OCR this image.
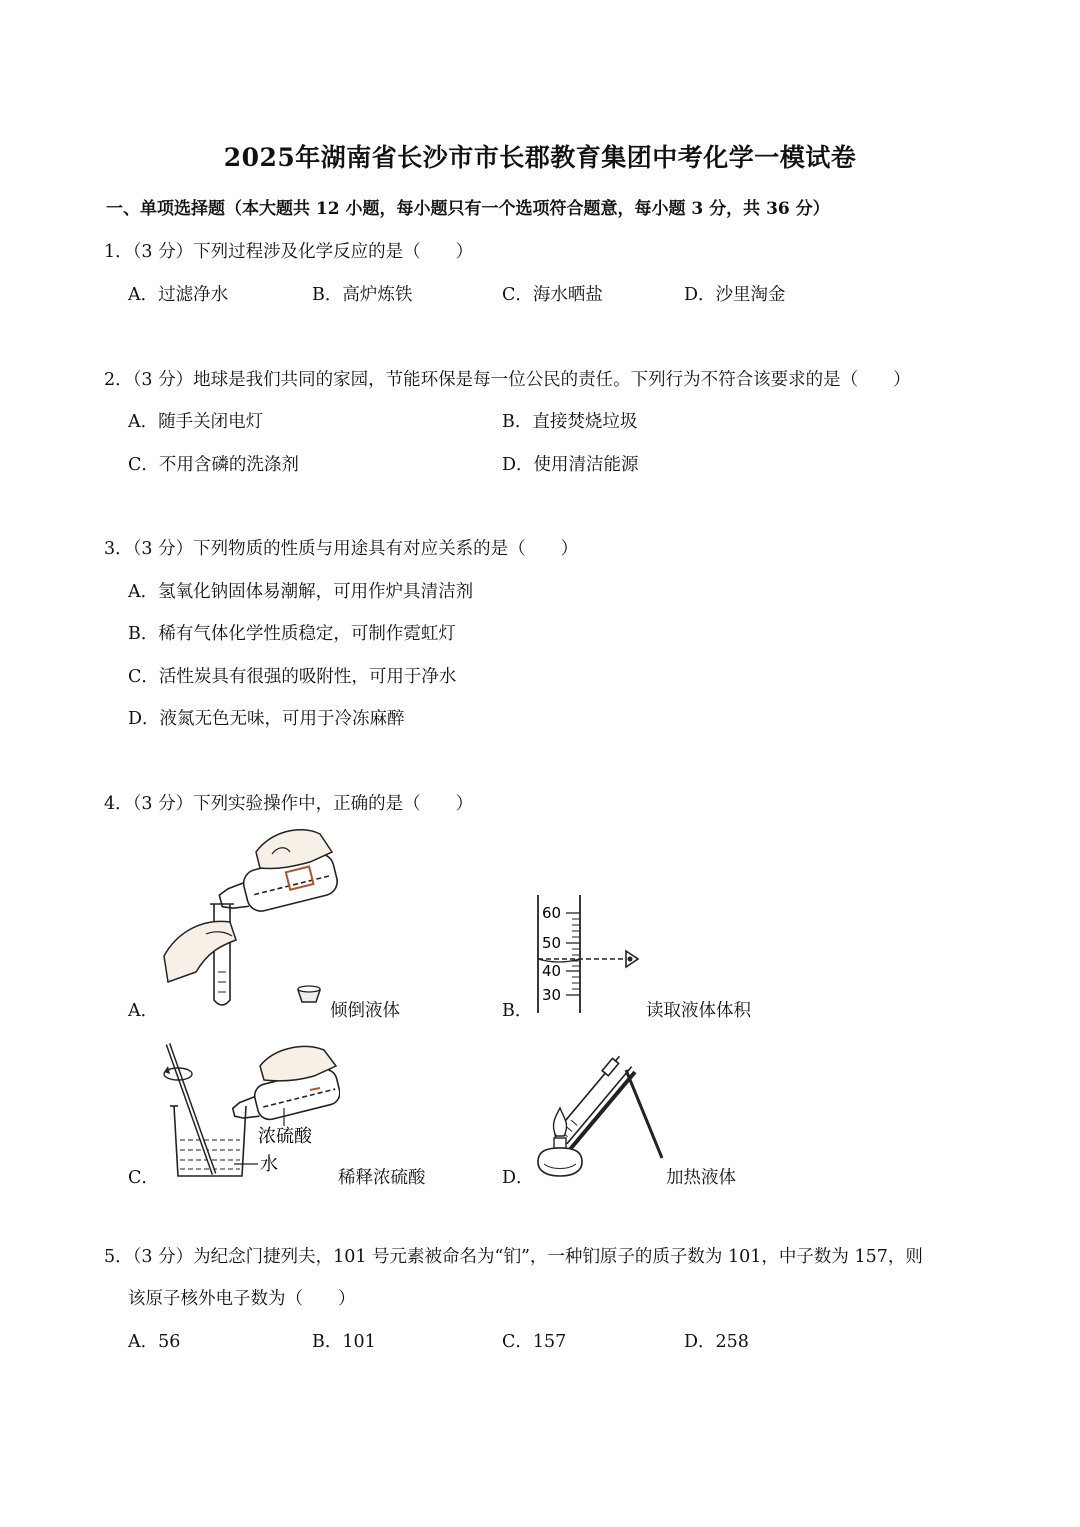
2025年湖南省长沙市市长郡教育集团中考化学一模试卷
一、单项选择题（本大题共 12 小题，每小题只有一个选项符合题意，每小题 3 分，共 36 分）
1．（3 分）下列过程涉及化学反应的是（　　）
A．过滤净水	B．高炉炼铁	C．海水晒盐	D．沙里淘金
2．（3 分）地球是我们共同的家园，节能环保是每一位公民的责任。下列行为不符合该要求的是（　　）
A．随手关闭电灯	B．直接焚烧垃圾
C．不用含磷的洗涤剂	D．使用清洁能源
3．（3 分）下列物质的性质与用途具有对应关系的是（　　）
A．氢氧化钠固体易潮解，可用作炉具清洁剂
B．稀有气体化学性质稳定，可制作霓虹灯
C．活性炭具有很强的吸附性，可用于净水
D．液氮无色无味，可用于冷冻麻醉
4．（3 分）下列实验操作中，正确的是（　　）
A．	倾倒液体
60
50
40
30
B．	读取液体体积
浓硫酸
水
C．	稀释浓硫酸	D．	加热液体
5．（3 分）为纪念门捷列夫，101 号元素被命名为“钔”，一种钔原子的质子数为 101，中子数为 157，则
该原子核外电子数为（　　）
A．56	B．101	C．157	D．258
